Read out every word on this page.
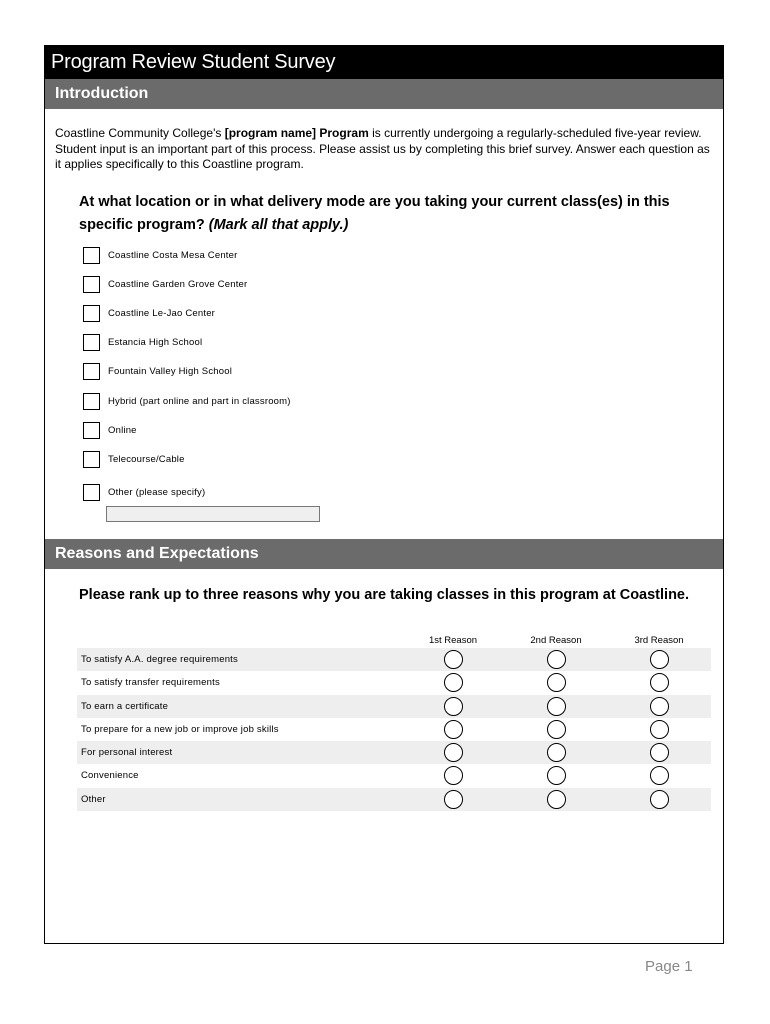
Program Review Student Survey
Introduction
Coastline Community College's [program name] Program is currently undergoing a regularly-scheduled five-year review. Student input is an important part of this process. Please assist us by completing this brief survey. Answer each question as it applies specifically to this Coastline program.
At what location or in what delivery mode are you taking your current class(es) in this specific program? (Mark all that apply.)
Coastline Costa Mesa Center
Coastline Garden Grove Center
Coastline Le-Jao Center
Estancia High School
Fountain Valley High School
Hybrid (part online and part in classroom)
Online
Telecourse/Cable
Other (please specify)
Reasons and Expectations
Please rank up to three reasons why you are taking classes in this program at Coastline.
1st Reason	2nd Reason	3rd Reason
To satisfy A.A. degree requirements
To satisfy transfer requirements
To earn a certificate
To prepare for a new job or improve job skills
For personal interest
Convenience
Other
Page 1
